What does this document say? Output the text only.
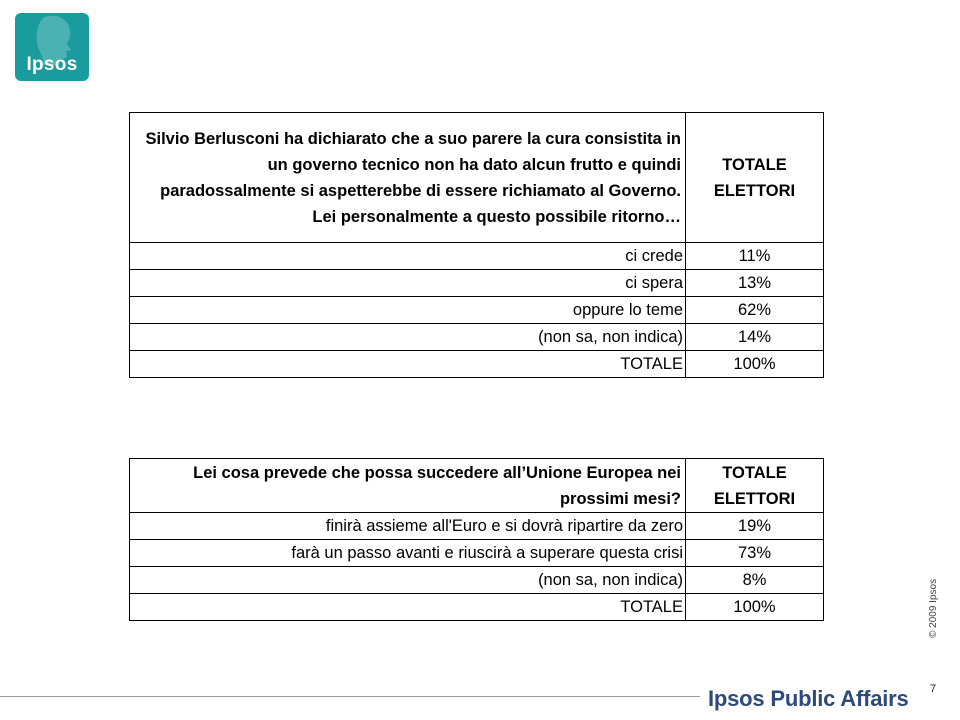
Ipsos
Silvio Berlusconi ha dichiarato che a suo parere la cura consistita in un governo tecnico non ha dato alcun frutto e quindi paradossalmente si aspetterebbe di essere richiamato al Governo. Lei personalmente a questo possibile ritorno…	TOTALE ELETTORI
ci crede	11%
ci spera	13%
oppure lo teme	62%
(non sa, non indica)	14%
TOTALE	100%
Lei cosa prevede che possa succedere all’Unione Europea nei prossimi mesi?	TOTALE ELETTORI
finirà assieme all'Euro e si dovrà ripartire da zero	19%
farà un passo avanti e riuscirà a superare questa crisi	73%
(non sa, non indica)	8%
TOTALE	100%	© 2009 Ipsos
7
Ipsos Public Affairs
